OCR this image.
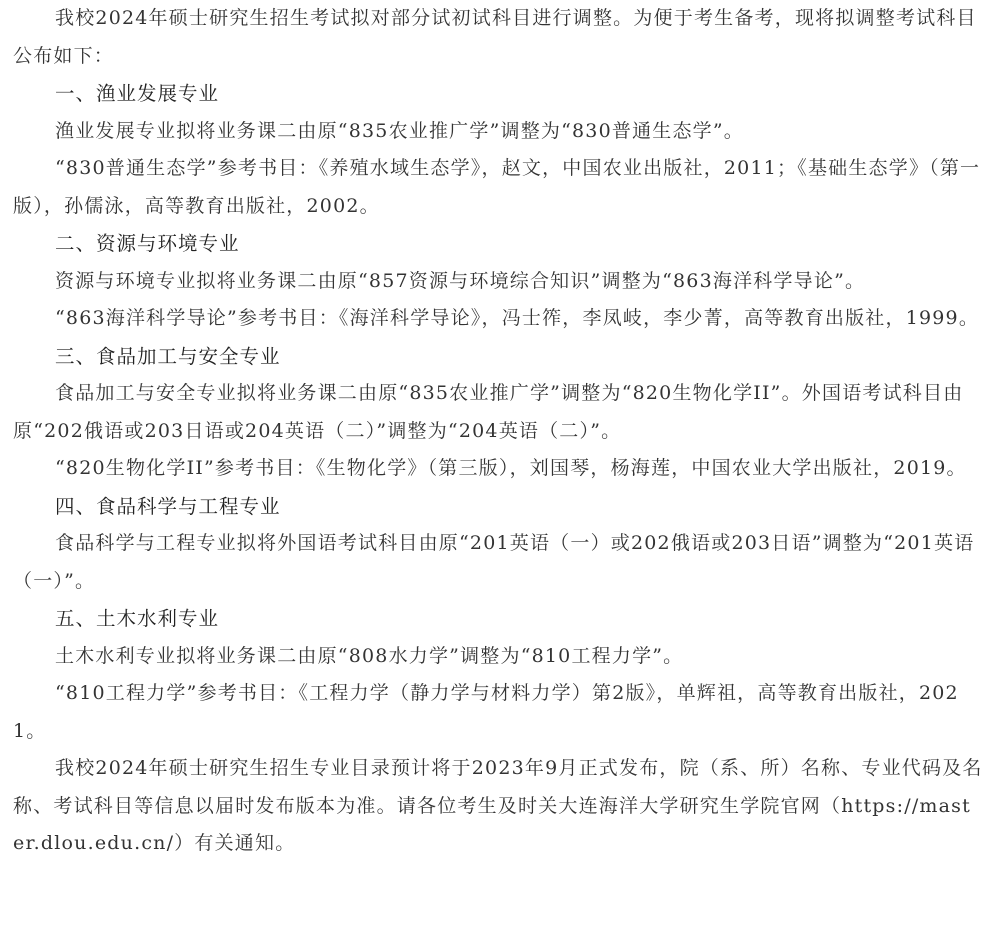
我校2024年硕士研究生招生考试拟对部分试初试科目进行调整。为便于考生备考，现将拟调整考试科目公布如下：

一、渔业发展专业

渔业发展专业拟将业务课二由原“835农业推广学”调整为“830普通生态学”。

“830普通生态学”参考书目：《养殖水域生态学》，赵文，中国农业出版社，2011；《基础生态学》（第一版），孙儒泳，高等教育出版社，2002。

二、资源与环境专业

资源与环境专业拟将业务课二由原“857资源与环境综合知识”调整为“863海洋科学导论”。

“863海洋科学导论”参考书目：《海洋科学导论》，冯士筰，李凤岐，李少菁，高等教育出版社，1999。

三、食品加工与安全专业

食品加工与安全专业拟将业务课二由原“835农业推广学”调整为“820生物化学II”。外国语考试科目由原“202俄语或203日语或204英语（二）”调整为“204英语（二）”。

“820生物化学II”参考书目：《生物化学》（第三版），刘国琴，杨海莲，中国农业大学出版社，2019。

四、食品科学与工程专业

食品科学与工程专业拟将外国语考试科目由原“201英语（一）或202俄语或203日语”调整为“201英语（一）”。

五、土木水利专业

土木水利专业拟将业务课二由原“808水力学”调整为“810工程力学”。

“810工程力学”参考书目：《工程力学（静力学与材料力学）第2版》，单辉祖，高等教育出版社，2021。

我校2024年硕士研究生招生专业目录预计将于2023年9月正式发布，院（系、所）名称、专业代码及名称、考试科目等信息以届时发布版本为准。请各位考生及时关大连海洋大学研究生学院官网（https://master.dlou.edu.cn/）有关通知。
